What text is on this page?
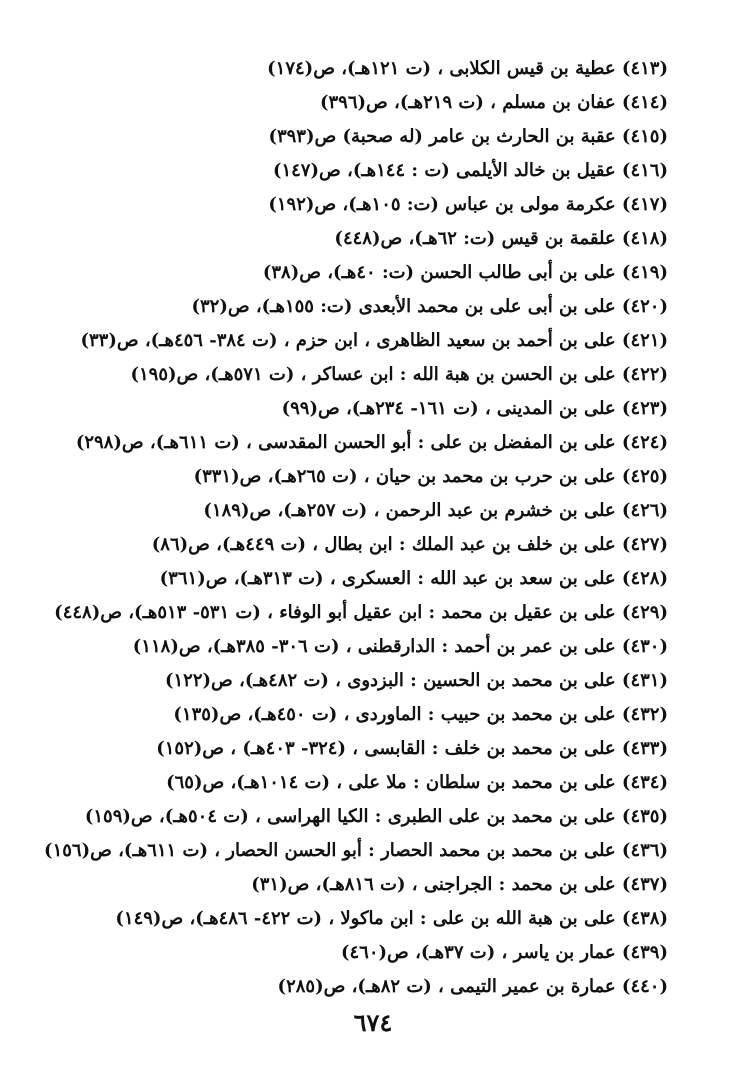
(٤١٣) عطية بن قيس الكلابى ، (ت ١٢١هـ)، ص(١٧٤)
(٤١٤) عفان بن مسلم ، (ت ٢١٩هـ)، ص(٣٩٦)
(٤١٥) عقبة بن الحارث بن عامر (له صحبة) ص(٣٩٣)
(٤١٦) عقيل بن خالد الأيلمى (ت : ١٤٤هـ)، ص(١٤٧)
(٤١٧) عكرمة مولى بن عباس (ت: ١٠٥هـ)، ص(١٩٢)
(٤١٨) علقمة بن قيس (ت: ٦٢هـ)، ص(٤٤٨)
(٤١٩) على بن أبى طالب الحسن (ت: ٤٠هـ)، ص(٣٨)
(٤٢٠) على بن أبى على بن محمد الأبعدى (ت: ١٥٥هـ)، ص(٣٢)
(٤٢١) على بن أحمد بن سعيد الظاهرى ، ابن حزم ، (ت ٣٨٤- ٤٥٦هـ)، ص(٣٣)
(٤٢٢) على بن الحسن بن هبة الله : ابن عساكر ، (ت ٥٧١هـ)، ص(١٩٥)
(٤٢٣) على بن المدينى ، (ت ١٦١- ٢٣٤هـ)، ص(٩٩)
(٤٢٤) على بن المفضل بن على : أبو الحسن المقدسى ، (ت ٦١١هـ)، ص(٢٩٨)
(٤٢٥) على بن حرب بن محمد بن حيان ، (ت ٢٦٥هـ)، ص(٣٣١)
(٤٢٦) على بن خشرم بن عبد الرحمن ، (ت ٢٥٧هـ)، ص(١٨٩)
(٤٢٧) على بن خلف بن عبد الملك : ابن بطال ، (ت ٤٤٩هـ)، ص(٨٦)
(٤٢٨) على بن سعد بن عبد الله : العسكرى ، (ت ٣١٣هـ)، ص(٣٦١)
(٤٢٩) على بن عقيل بن محمد : ابن عقيل أبو الوفاء ، (ت ٥٣١- ٥١٣هـ)، ص(٤٤٨)
(٤٣٠) على بن عمر بن أحمد : الدارقطنى ، (ت ٣٠٦- ٣٨٥هـ)، ص(١١٨)
(٤٣١) على بن محمد بن الحسين : البزدوى ، (ت ٤٨٢هـ)، ص(١٢٢)
(٤٣٢) على بن محمد بن حبيب : الماوردى ، (ت ٤٥٠هـ)، ص(١٣٥)
(٤٣٣) على بن محمد بن خلف : القابسى ، (٣٢٤- ٤٠٣هـ) ، ص(١٥٢)
(٤٣٤) على بن محمد بن سلطان : ملا على ، (ت ١٠١٤هـ)، ص(٦٥)
(٤٣٥) على بن محمد بن على الطبرى : الكيا الهراسى ، (ت ٥٠٤هـ)، ص(١٥٩)
(٤٣٦) على بن محمد بن محمد الحصار : أبو الحسن الحصار ، (ت ٦١١هـ)، ص(١٥٦)
(٤٣٧) على بن محمد : الجراجنى ، (ت ٨١٦هـ)، ص(٣١)
(٤٣٨) على بن هبة الله بن على : ابن ماكولا ، (ت ٤٢٢- ٤٨٦هـ)، ص(١٤٩)
(٤٣٩) عمار بن ياسر ، (ت ٣٧هـ)، ص(٤٦٠)
(٤٤٠) عمارة بن عمير التيمى ، (ت ٨٢هـ)، ص(٢٨٥)
٦٧٤
